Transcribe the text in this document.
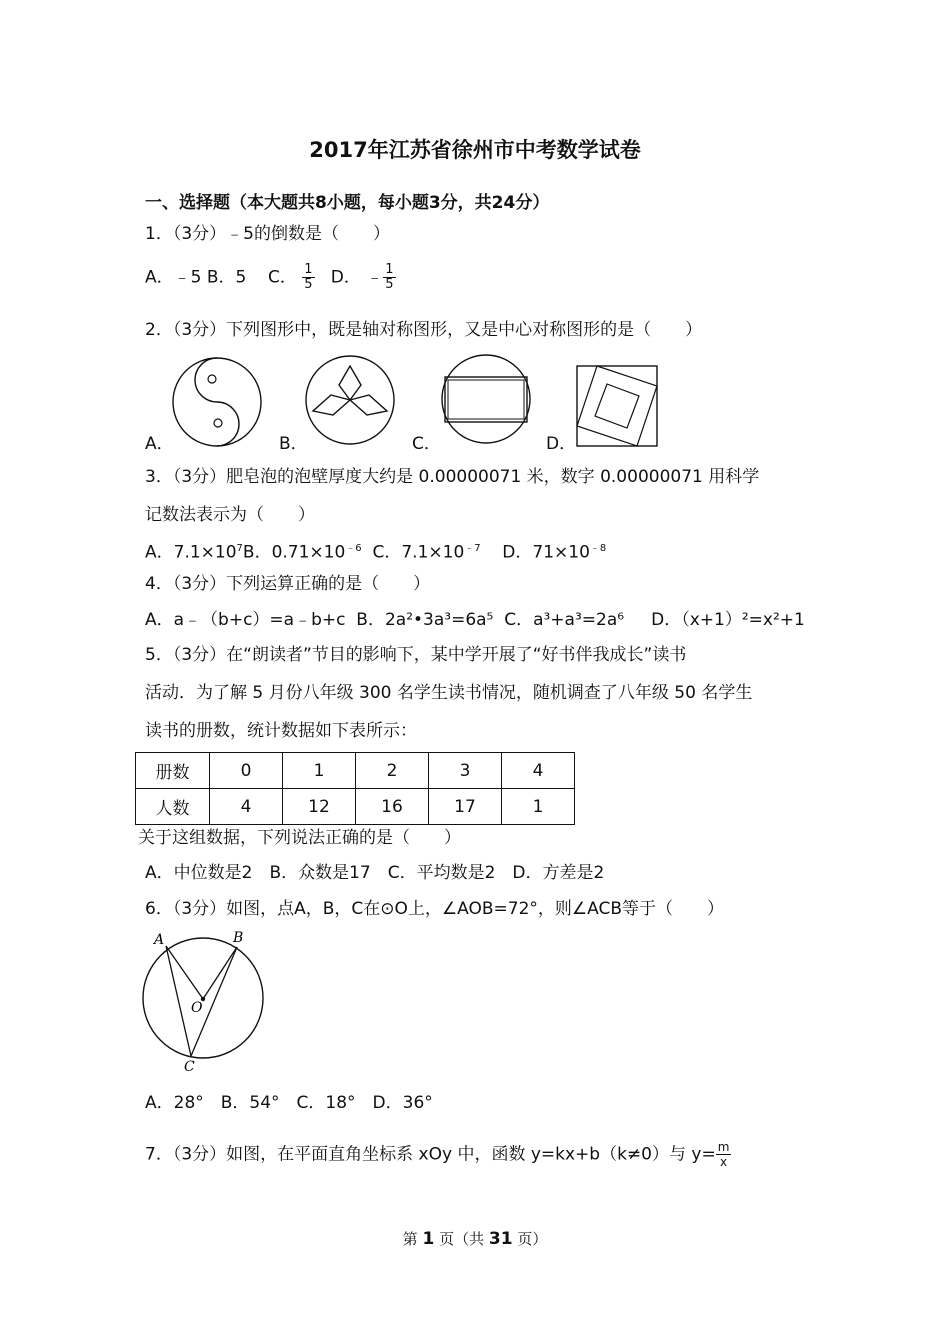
2017年江苏省徐州市中考数学试卷
一、选择题（本大题共8小题，每小题3分，共24分）
1．（3分）﹣5的倒数是（　　）
A．﹣5 B．5 C． $\frac{1}{5}$ D． ﹣ $\frac{1}{5}$
2．（3分）下列图形中，既是轴对称图形，又是中心对称图形的是（　　）
A．	B．	C．	D．
3．（3分）肥皂泡的泡壁厚度大约是 0.00000071 米，数字 0.00000071 用科学
记数法表示为（　　）
A．$7.1\times 10^7B$．$0.71\times 10^{﹣6}$ C．$7.1\times 10^{﹣7}$ D．$71\times 10^{﹣8}$
4．（3分）下列运算正确的是（　　）
A．a﹣（b+c）=a﹣b+c B．2a²•3a³=6a⁵ C．a³+a³=2a⁶ D．（x+1）²=x²+1
5．（3分）在“朗读者”节目的影响下，某中学开展了“好书伴我成长”读书
活动．为了解 5 月份八年级 300 名学生读书情况，随机调查了八年级 50 名学生
读书的册数，统计数据如下表所示：
册数	0	1	2	3	4
人数	4	12	16	17	1
关于这组数据，下列说法正确的是（　　）
A．中位数是2　B．众数是17　C．平均数是2　D．方差是2
6．（3分）如图，点A，B，C在⊙O上，∠AOB=72°，则∠ACB等于（　　）
A	B
O
C
A．28°　B．54°　C．18°　D．36°
7．（3分）如图，在平面直角坐标系 xOy 中，函数 y=kx+b（k≠0）与 $y= \frac{m}{x}$
第 1 页（共 31 页）
